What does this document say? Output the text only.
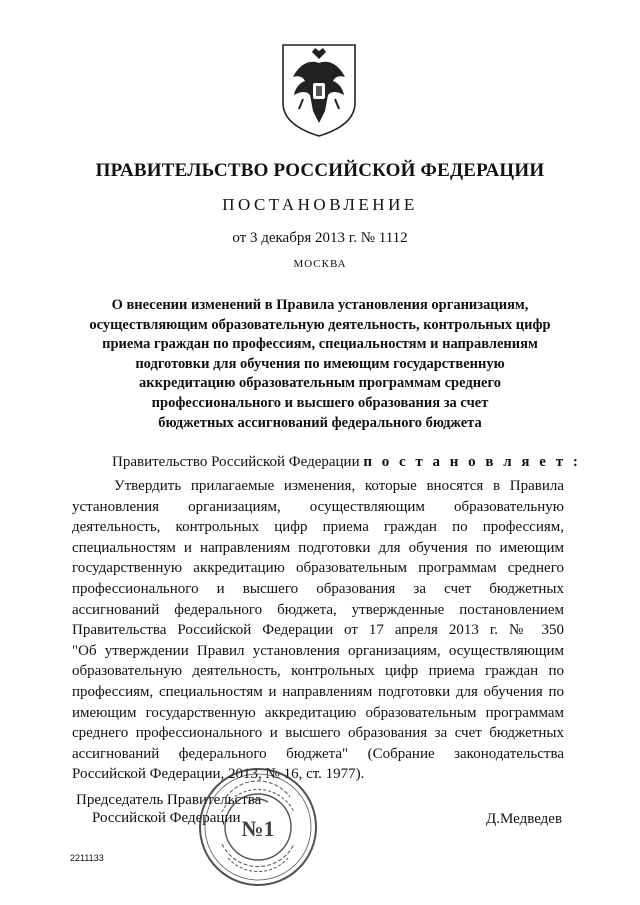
ПРАВИТЕЛЬСТВО РОССИЙСКОЙ ФЕДЕРАЦИИ
ПОСТАНОВЛЕНИЕ
от 3 декабря 2013 г. № 1112
МОСКВА
О внесении изменений в Правила установления организациям,
осуществляющим образовательную деятельность, контрольных цифр
приема граждан по профессиям, специальностям и направлениям
подготовки для обучения по имеющим государственную
аккредитацию образовательным программам среднего
профессионального и высшего образования за счет
бюджетных ассигнований федерального бюджета
Правительство Российской Федерации п о с т а н о в л я е т :
Утвердить прилагаемые изменения, которые вносятся в Правила
установления организациям, осуществляющим образовательную
деятельность, контрольных цифр приема граждан по профессиям,
специальностям и направлениям подготовки для обучения по имеющим
государственную аккредитацию образовательным программам среднего
профессионального и высшего образования за счет бюджетных
ассигнований федерального бюджета, утвержденные постановлением
Правительства Российской Федерации от 17 апреля 2013 г. № 350
"Об утверждении Правил установления организациям, осуществляющим
образовательную деятельность, контрольных цифр приема граждан по
профессиям, специальностям и направлениям подготовки для обучения по
имеющим государственную аккредитацию образовательным программам
среднего профессионального и высшего образования за счет бюджетных
ассигнований федерального бюджета" (Собрание законодательства
Российской Федерации, 2013, № 16, ст. 1977).
Председатель Правительства
Российской Федерации	Д.Медведев
№1
2211133
